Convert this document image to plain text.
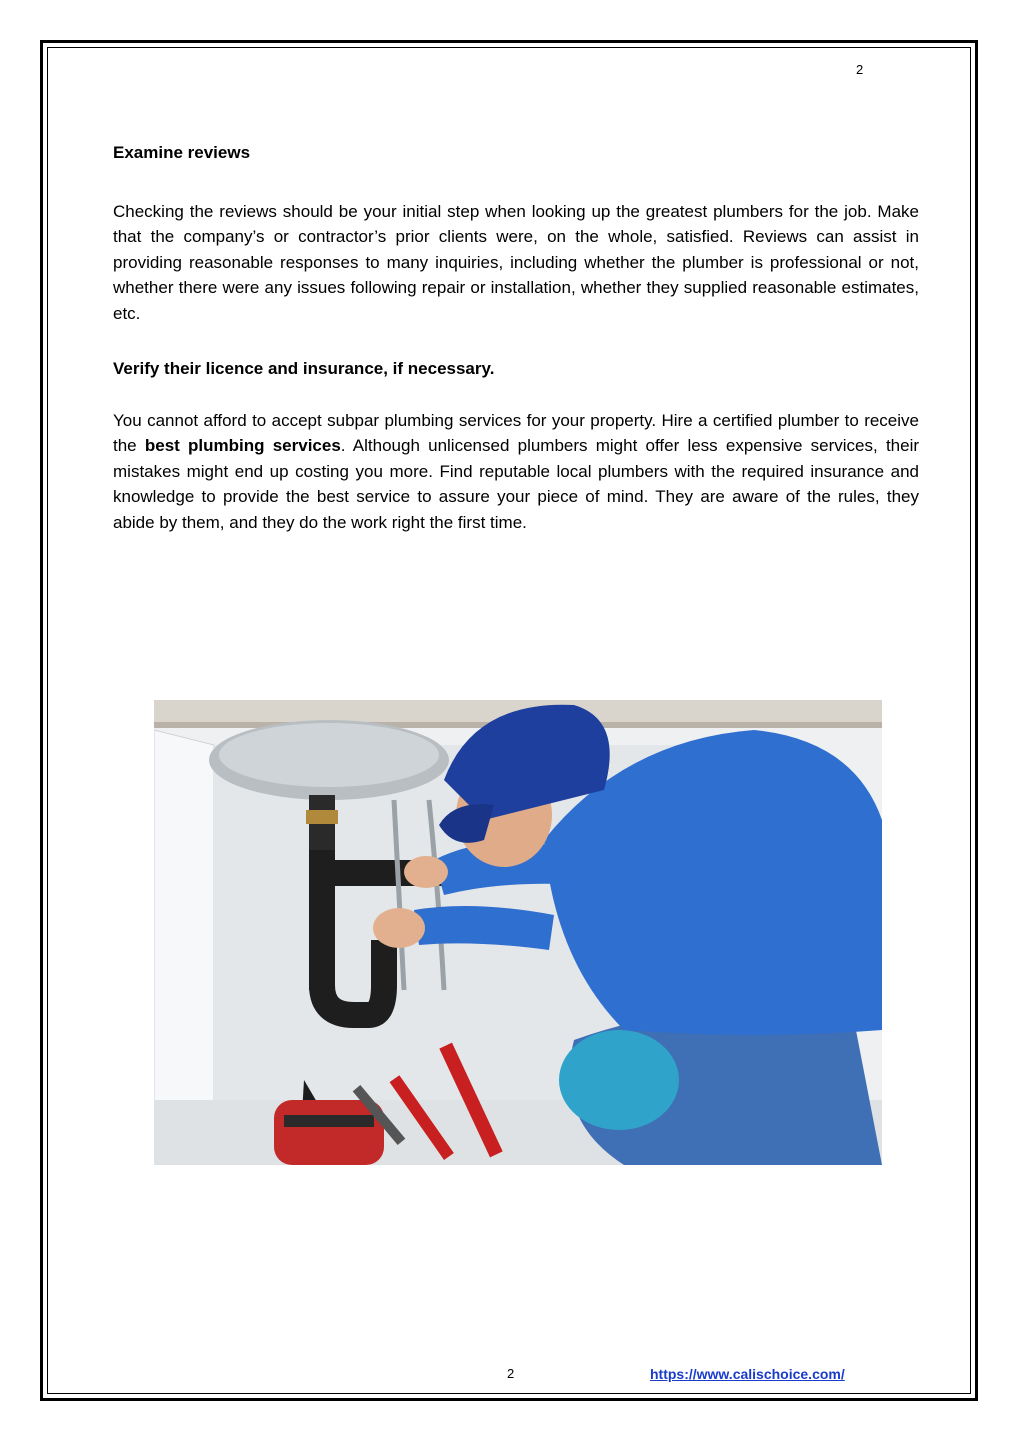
2
Examine reviews

Checking the reviews should be your initial step when looking up the greatest plumbers for the job. Make that the company’s or contractor’s prior clients were, on the whole, satisfied. Reviews can assist in providing reasonable responses to many inquiries, including whether the plumber is professional or not, whether there were any issues following repair or installation, whether they supplied reasonable estimates, etc.

Verify their licence and insurance, if necessary.

You cannot afford to accept subpar plumbing services for your property. Hire a certified plumber to receive the best plumbing services. Although unlicensed plumbers might offer less expensive services, their mistakes might end up costing you more. Find reputable local plumbers with the required insurance and knowledge to provide the best service to assure your piece of mind. They are aware of the rules, they abide by them, and they do the work right the first time.

2	https://www.calischoice.com/
